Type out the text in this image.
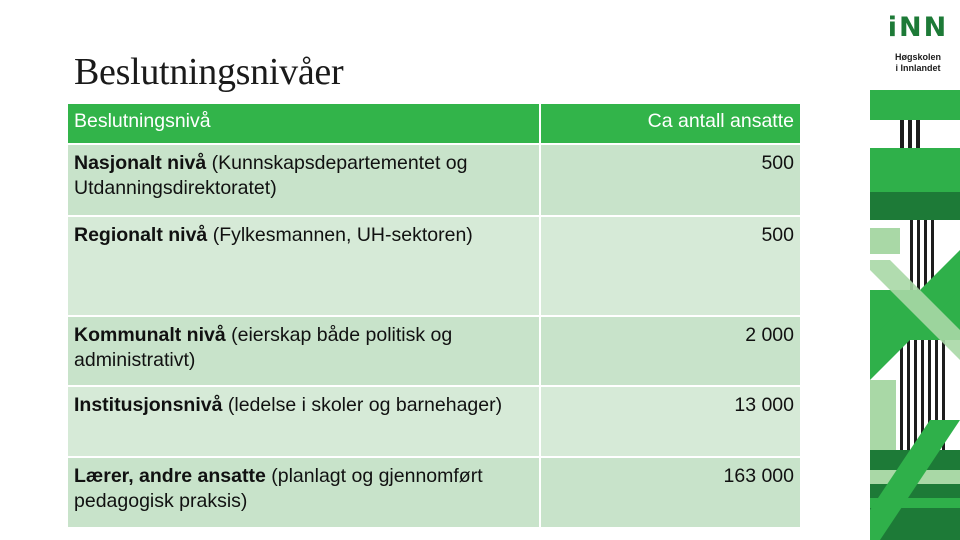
Beslutningsnivåer
Beslutningsnivå	Ca antall ansatte
Nasjonalt nivå (Kunnskapsdepartementet og Utdanningsdirektoratet)	500
Regionalt nivå (Fylkesmannen, UH-sektoren)	500
Kommunalt nivå (eierskap både politisk og administrativt)	2 000
Institusjonsnivå (ledelse i skoler og barnehager)	13 000
Lærer, andre ansatte (planlagt og gjennomført pedagogisk praksis)	163 000
iNN
Høgskolen
i Innlandet
